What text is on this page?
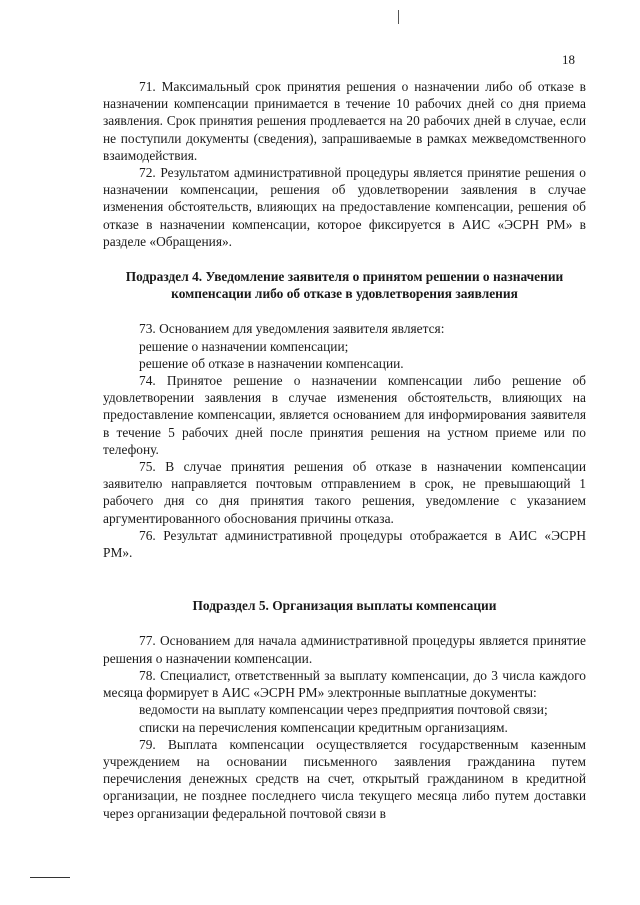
18

71. Максимальный срок принятия решения о назначении либо об отказе в назначении компенсации принимается в течение 10 рабочих дней со дня приема заявления. Срок принятия решения продлевается на 20 рабочих дней в случае, если не поступили документы (сведения), запрашиваемые в рамках межведомственного взаимодействия.

72. Результатом административной процедуры является принятие решения о назначении компенсации, решения об удовлетворении заявления в случае изменения обстоятельств, влияющих на предоставление компенсации, решения об отказе в назначении компенсации, которое фиксируется в АИС «ЭСРН РМ» в разделе «Обращения».

Подраздел 4. Уведомление заявителя о принятом решении о назначении компенсации либо об отказе в удовлетворения заявления

73. Основанием для уведомления заявителя является:

решение о назначении компенсации;

решение об отказе в назначении компенсации.

74. Принятое решение о назначении компенсации либо решение об удовлетворении заявления в случае изменения обстоятельств, влияющих на предоставление компенсации, является основанием для информирования заявителя в течение 5 рабочих дней после принятия решения на устном приеме или по телефону.

75. В случае принятия решения об отказе в назначении компенсации заявителю направляется почтовым отправлением в срок, не превышающий 1 рабочего дня со дня принятия такого решения, уведомление с указанием аргументированного обоснования причины отказа.

76. Результат административной процедуры отображается в АИС «ЭСРН РМ».

Подраздел 5. Организация выплаты компенсации

77. Основанием для начала административной процедуры является принятие решения о назначении компенсации.

78. Специалист, ответственный за выплату компенсации, до 3 числа каждого месяца формирует в АИС «ЭСРН РМ» электронные выплатные документы:

ведомости на выплату компенсации через предприятия почтовой связи;

списки на перечисления компенсации кредитным организациям.

79. Выплата компенсации осуществляется государственным казенным учреждением на основании письменного заявления гражданина путем перечисления денежных средств на счет, открытый гражданином в кредитной организации, не позднее последнего числа текущего месяца либо путем доставки через организации федеральной почтовой связи в
